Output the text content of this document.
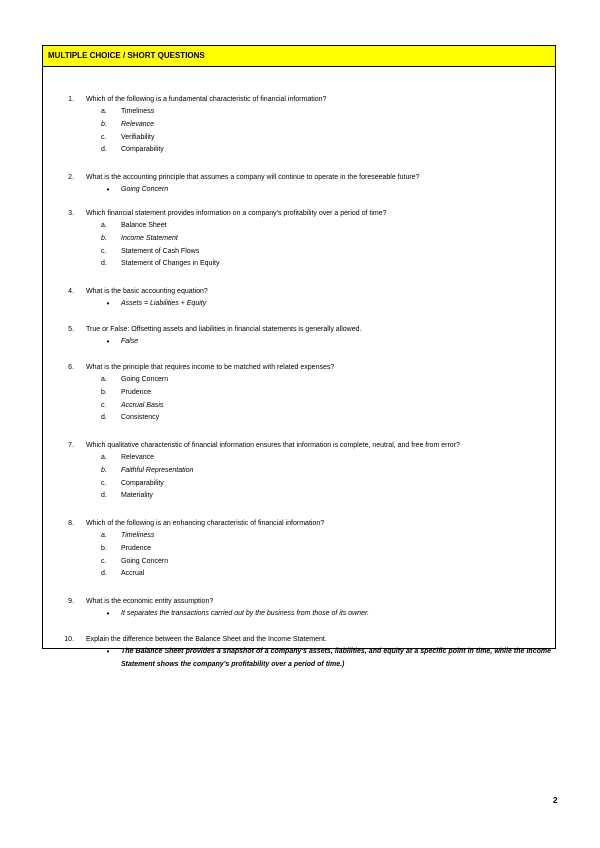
MULTIPLE CHOICE / SHORT QUESTIONS
1. Which of the following is a fundamental characteristic of financial information?
a.	Timeliness
b.	Relevance
c.	Verifiability
d.	Comparability
2. What is the accounting principle that assumes a company will continue to operate in the foreseeable future?
• Going Concern
3. Which financial statement provides information on a company's profitability over a period of time?
a.	Balance Sheet
b.	Income Statement
c.	Statement of Cash Flows
d.	Statement of Changes in Equity
4. What is the basic accounting equation?
• Assets = Liabilities + Equity
5. True or False: Offsetting assets and liabilities in financial statements is generally allowed.
• False
6. What is the principle that requires income to be matched with related expenses?
a.	Going Concern
b.	Prudence
c.	Accrual Basis
d.	Consistency
7. Which qualitative characteristic of financial information ensures that information is complete, neutral, and free from error?
a.	Relevance
b.	Faithful Representation
c.	Comparability
d.	Materiality
8. Which of the following is an enhancing characteristic of financial information?
a.	Timeliness
b.	Prudence
c.	Going Concern
d.	Accrual
9. What is the economic entity assumption?
• It separates the transactions carried out by the business from those of its owner.
10. Explain the difference between the Balance Sheet and the Income Statement.
• The Balance Sheet provides a snapshot of a company's assets, liabilities, and equity at a specific point in time, while the Income Statement shows the company's profitability over a period of time.)
2
